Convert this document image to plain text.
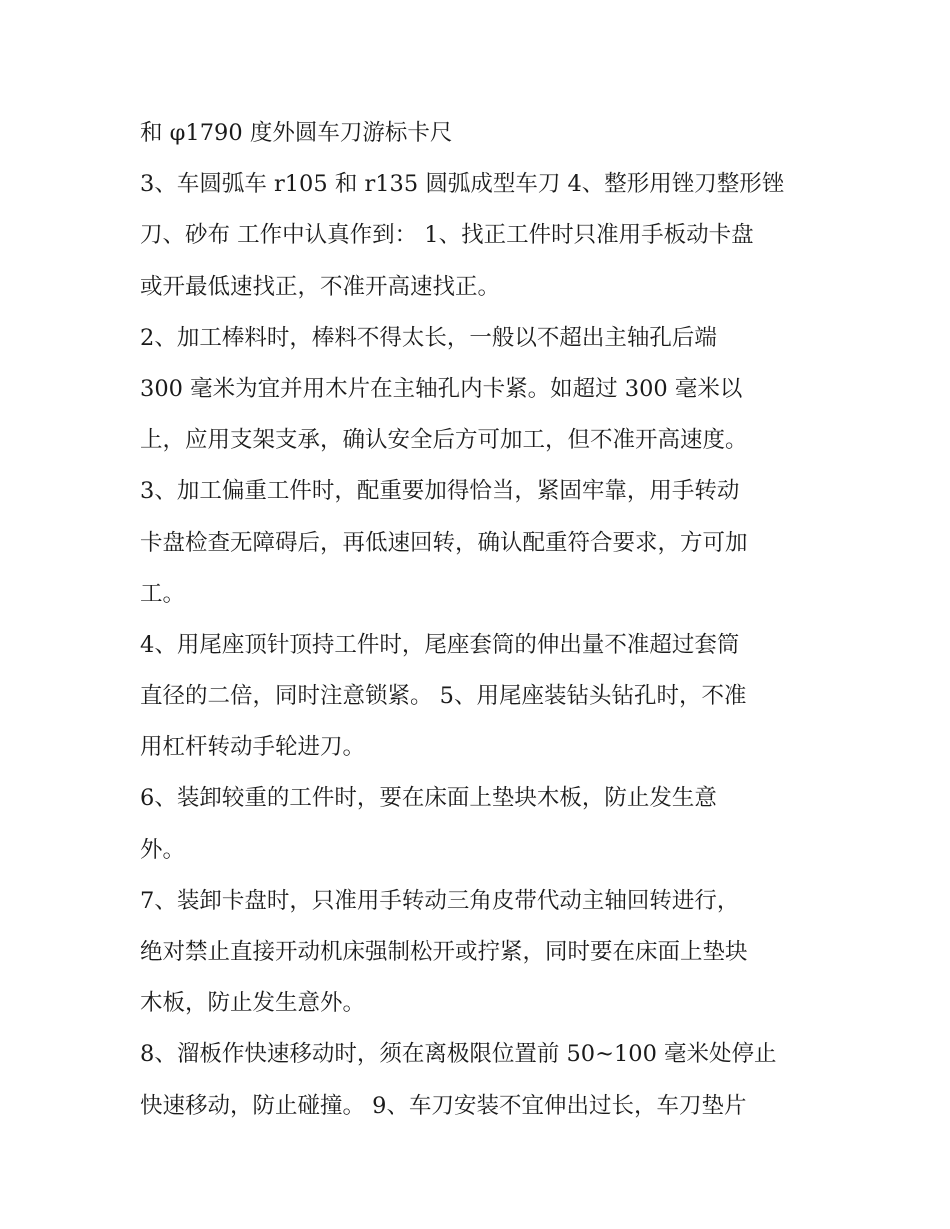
和 φ1790 度外圆车刀游标卡尺
3、车圆弧车 r105 和 r135 圆弧成型车刀 4、整形用锉刀整形锉
刀、砂布 工作中认真作到： 1、找正工件时只准用手板动卡盘
或开最低速找正，不准开高速找正。
2、加工棒料时，棒料不得太长，一般以不超出主轴孔后端
300 毫米为宜并用木片在主轴孔内卡紧。如超过 300 毫米以
上，应用支架支承，确认安全后方可加工，但不准开高速度。
3、加工偏重工件时，配重要加得恰当，紧固牢靠，用手转动
卡盘检查无障碍后，再低速回转，确认配重符合要求，方可加
工。
4、用尾座顶针顶持工件时，尾座套筒的伸出量不准超过套筒
直径的二倍，同时注意锁紧。 5、用尾座装钻头钻孔时，不准
用杠杆转动手轮进刀。
6、装卸较重的工件时，要在床面上垫块木板，防止发生意
外。
7、装卸卡盘时，只准用手转动三角皮带代动主轴回转进行，
绝对禁止直接开动机床强制松开或拧紧，同时要在床面上垫块
木板，防止发生意外。
8、溜板作快速移动时，须在离极限位置前 50~100 毫米处停止
快速移动，防止碰撞。 9、车刀安装不宜伸出过长，车刀垫片
